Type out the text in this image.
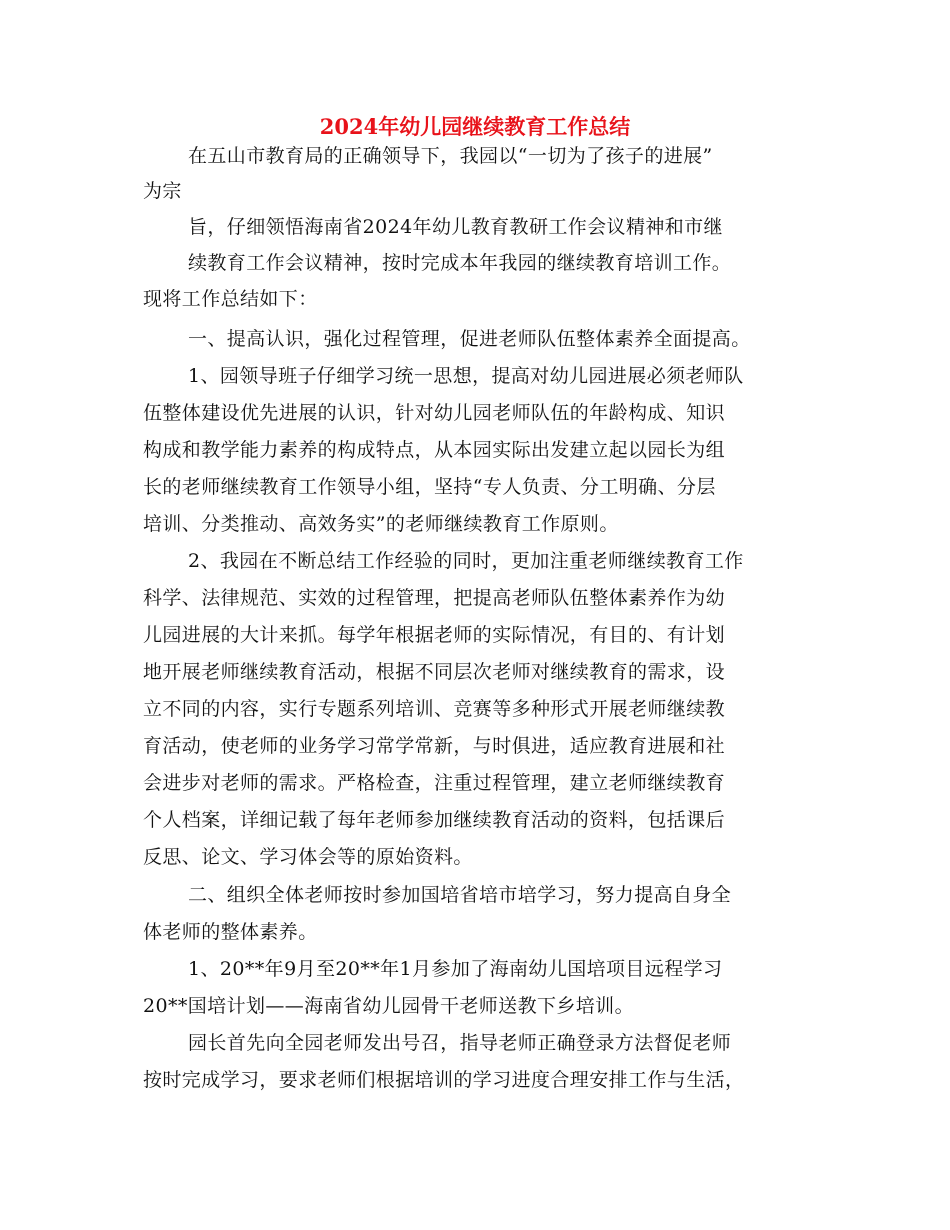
2024年幼儿园继续教育工作总结

在五山市教育局的正确领导下，我园以“一切为了孩子的进展”

为宗

旨，仔细领悟海南省2024年幼儿教育教研工作会议精神和市继

续教育工作会议精神，按时完成本年我园的继续教育培训工作。

现将工作总结如下：

一、提高认识，强化过程管理，促进老师队伍整体素养全面提高。

1、园领导班子仔细学习统一思想，提高对幼儿园进展必须老师队

伍整体建设优先进展的认识，针对幼儿园老师队伍的年龄构成、知识

构成和教学能力素养的构成特点，从本园实际出发建立起以园长为组

长的老师继续教育工作领导小组，坚持“专人负责、分工明确、分层

培训、分类推动、高效务实”的老师继续教育工作原则。

2、我园在不断总结工作经验的同时，更加注重老师继续教育工作

科学、法律规范、实效的过程管理，把提高老师队伍整体素养作为幼

儿园进展的大计来抓。每学年根据老师的实际情况，有目的、有计划

地开展老师继续教育活动，根据不同层次老师对继续教育的需求，设

立不同的内容，实行专题系列培训、竞赛等多种形式开展老师继续教

育活动，使老师的业务学习常学常新，与时俱进，适应教育进展和社

会进步对老师的需求。严格检查，注重过程管理，建立老师继续教育

个人档案，详细记载了每年老师参加继续教育活动的资料，包括课后

反思、论文、学习体会等的原始资料。

二、组织全体老师按时参加国培省培市培学习，努力提高自身全

体老师的整体素养。

1、20**年9月至20**年1月参加了海南幼儿国培项目远程学习

20**国培计划——海南省幼儿园骨干老师送教下乡培训。

园长首先向全园老师发出号召，指导老师正确登录方法督促老师

按时完成学习，要求老师们根据培训的学习进度合理安排工作与生活，
